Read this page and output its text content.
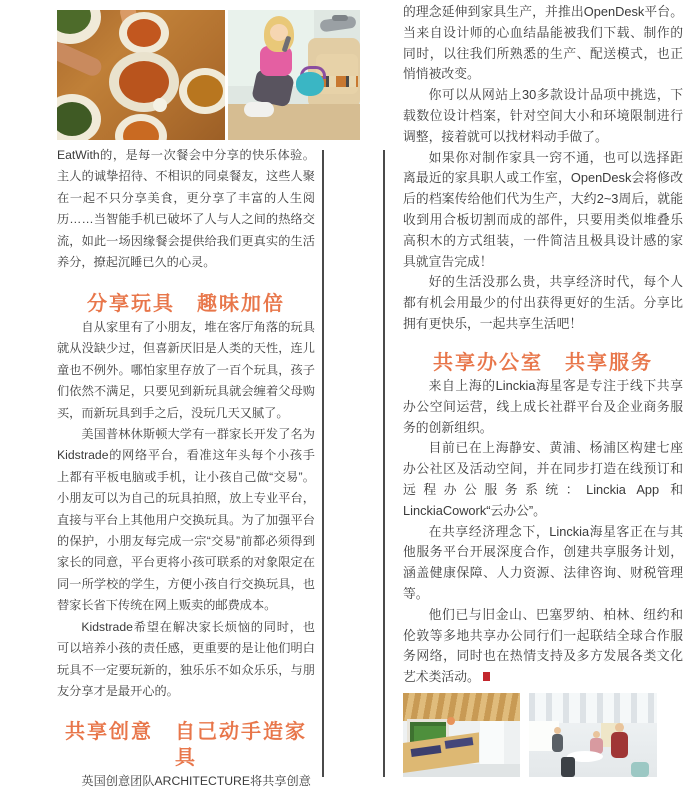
EatWith的，是每一次餐会中分享的快乐体验。主人的诚挚招待、不相识的同桌餐友，这些人聚在一起不只分享美食，更分享了丰富的人生阅历……当智能手机已破坏了人与人之间的热络交流，如此一场因缘餐会提供给我们更真实的生活养分，撩起沉睡已久的心灵。

分享玩具　趣味加倍

自从家里有了小朋友，堆在客厅角落的玩具就从没缺少过，但喜新厌旧是人类的天性，连儿童也不例外。哪怕家里存放了一百个玩具，孩子们依然不满足，只要见到新玩具就会缠着父母购买，而新玩具到手之后，没玩几天又腻了。

美国普林休斯顿大学有一群家长开发了名为Kidstrade的网络平台，看准这年头每个小孩手上都有平板电脑或手机，让小孩自己做“交易”。小朋友可以为自己的玩具拍照，放上专业平台，直接与平台上其他用户交换玩具。为了加强平台的保护，小朋友每完成一宗“交易”前都必须得到家长的同意，平台更将小孩可联系的对象限定在同一所学校的学生，方便小孩自行交换玩具，也替家长省下传统在网上贩卖的邮费成本。

Kidstrade希望在解决家长烦恼的同时，也可以培养小孩的责任感，更重要的是让他们明白玩具不一定要玩新的，独乐乐不如众乐乐，与朋友分享才是最开心的。

共享创意　自己动手造家具

英国创意团队ARCHITECTURE将共享创意

的理念延伸到家具生产，并推出OpenDesk平台。当来自设计师的心血结晶能被我们下载、制作的同时，以往我们所熟悉的生产、配送模式，也正悄悄被改变。

你可以从网站上30多款设计品项中挑选，下载数位设计档案，针对空间大小和环境限制进行调整，接着就可以找材料动手做了。

如果你对制作家具一窍不通，也可以选择距离最近的家具职人或工作室，OpenDesk会将修改后的档案传给他们代为生产，大约2~3周后，就能收到用合板切割而成的部件，只要用类似堆叠乐高积木的方式组装，一件简洁且极具设计感的家具就宣告完成！

好的生活没那么贵，共享经济时代，每个人都有机会用最少的付出获得更好的生活。分享比拥有更快乐，一起共享生活吧！

共享办公室　共享服务

来自上海的Linckia海星客是专注于线下共享办公空间运营，线上成长社群平台及企业商务服务的创新组织。

目前已在上海静安、黄浦、杨浦区构建七座办公社区及活动空间，并在同步打造在线预订和远程办公服务系统：Linckia App 和LinckiaCowork“云办公”。

在共享经济理念下，Linckia海星客正在与其他服务平台开展深度合作，创建共享服务计划，涵盖健康保障、人力资源、法律咨询、财税管理等。

他们已与旧金山、巴塞罗纳、柏林、纽约和伦敦等多地共享办公同行们一起联结全球合作服务网络，同时也在热情支持及多方发展各类文化艺术类活动。
